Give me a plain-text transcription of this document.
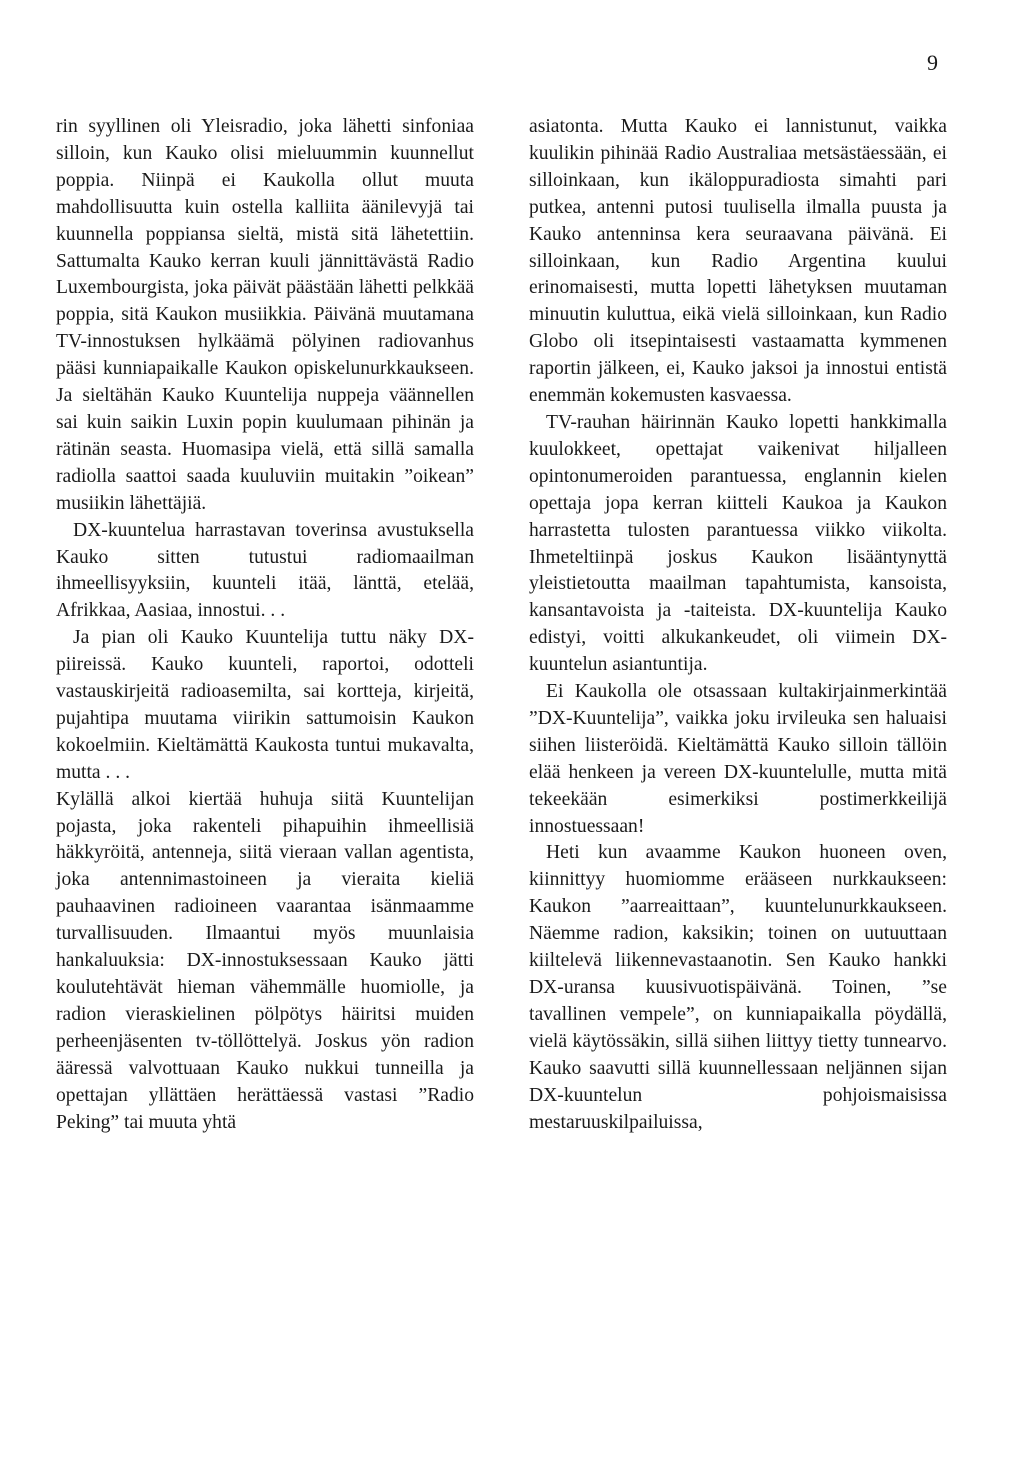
9

rin syyllinen oli Yleisradio, joka lähetti sinfoniaa silloin, kun Kauko olisi mieluummin kuunnellut poppia. Niinpä ei Kaukolla ollut muuta mahdollisuutta kuin ostella kalliita äänilevyjä tai kuunnella poppiansa sieltä, mistä sitä lähetettiin. Sattumalta Kauko kerran kuuli jännittävästä Radio Luxembourgista, joka päivät päästään lähetti pelkkää poppia, sitä Kaukon musiikkia. Päivänä muutamana TV-innostuksen hylkäämä pölyinen radiovanhus pääsi kunniapaikalle Kaukon opiskelunurkkaukseen. Ja sieltähän Kauko Kuuntelija nuppeja väännellen sai kuin saikin Luxin popin kuulumaan pihinän ja rätinän seasta. Huomasipa vielä, että sillä samalla radiolla saattoi saada kuuluviin muitakin ”oikean” musiikin lähettäjiä.

DX-kuuntelua harrastavan toverinsa avustuksella Kauko sitten tutustui radiomaailman ihmeellisyyksiin, kuunteli itää, länttä, etelää, Afrikkaa, Aasiaa, innostui. . .

Ja pian oli Kauko Kuuntelija tuttu näky DX-piireissä. Kauko kuunteli, raportoi, odotteli vastauskirjeitä radioasemilta, sai kortteja, kirjeitä, pujahtipa muutama viirikin sattumoisin Kaukon kokoelmiin. Kieltämättä Kaukosta tuntui mukavalta, mutta . . .

Kylällä alkoi kiertää huhuja siitä Kuuntelijan pojasta, joka rakenteli pihapuihin ihmeellisiä häkkyröitä, antenneja, siitä vieraan vallan agentista, joka antennimastoineen ja vieraita kieliä pauhaavinen radioineen vaarantaa isänmaamme turvallisuuden. Ilmaantui myös muunlaisia hankaluuksia: DX-innostuksessaan Kauko jätti koulutehtävät hieman vähemmälle huomiolle, ja radion vieraskielinen pölpötys häiritsi muiden perheenjäsenten tv-töllöttelyä. Joskus yön radion ääressä valvottuaan Kauko nukkui tunneilla ja opettajan yllättäen herättäessä vastasi ”Radio Peking” tai muuta yhtä

asiatonta. Mutta Kauko ei lannistunut, vaikka kuulikin pihinää Radio Australiaa metsästäessään, ei silloinkaan, kun ikäloppuradiosta simahti pari putkea, antenni putosi tuulisella ilmalla puusta ja Kauko antenninsa kera seuraavana päivänä. Ei silloinkaan, kun Radio Argentina kuului erinomaisesti, mutta lopetti lähetyksen muutaman minuutin kuluttua, eikä vielä silloinkaan, kun Radio Globo oli itsepintaisesti vastaamatta kymmenen raportin jälkeen, ei, Kauko jaksoi ja innostui entistä enemmän kokemusten kasvaessa.

TV-rauhan häirinnän Kauko lopetti hankkimalla kuulokkeet, opettajat vaikenivat hiljalleen opintonumeroiden parantuessa, englannin kielen opettaja jopa kerran kiitteli Kaukoa ja Kaukon harrastetta tulosten parantuessa viikko viikolta. Ihmeteltiinpä joskus Kaukon lisääntynyttä yleistietoutta maailman tapahtumista, kansoista, kansantavoista ja -taiteista. DX-kuuntelija Kauko edistyi, voitti alkukankeudet, oli viimein DX-kuuntelun asiantuntija.

Ei Kaukolla ole otsassaan kultakirjainmerkintää ”DX-Kuuntelija”, vaikka joku irvileuka sen haluaisi siihen liisteröidä. Kieltämättä Kauko silloin tällöin elää henkeen ja vereen DX-kuuntelulle, mutta mitä tekeekään esimerkiksi postimerkkeilijä innostuessaan!

Heti kun avaamme Kaukon huoneen oven, kiinnittyy huomiomme erääseen nurkkaukseen: Kaukon ”aarreaittaan”, kuuntelunurkkaukseen. Näemme radion, kaksikin; toinen on uutuuttaan kiiltelevä liikennevastaanotin. Sen Kauko hankki DX-uransa kuusivuotispäivänä. Toinen, ”se tavallinen vempele”, on kunniapaikalla pöydällä, vielä käytössäkin, sillä siihen liittyy tietty tunnearvo. Kauko saavutti sillä kuunnellessaan neljännen sijan DX-kuuntelun pohjoismaisissa mestaruuskilpailuissa,
